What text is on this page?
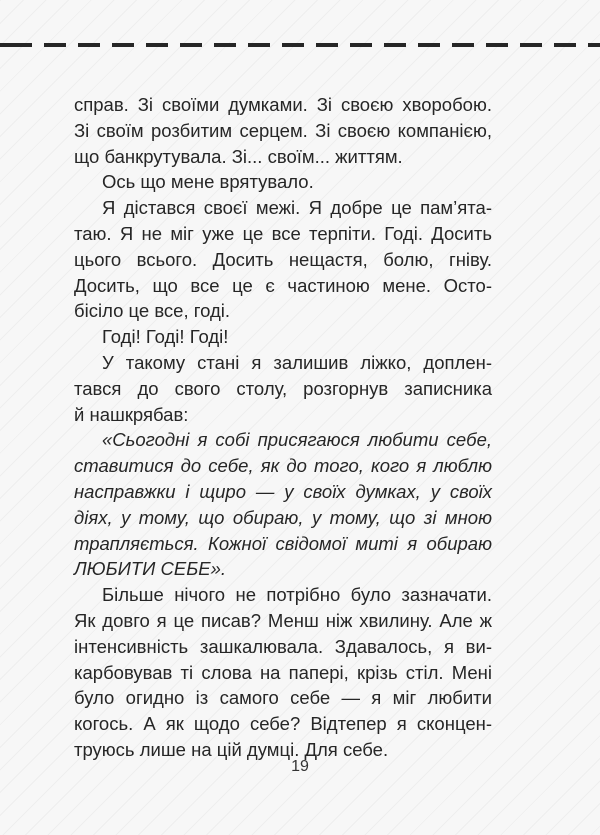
справ. Зі своїми думками. Зі своєю хворобою.
Зі своїм розбитим серцем. Зі своєю компанією,
що банкрутувала. Зі... своїм... життям.
Ось що мене врятувало.
Я дістався своєї межі. Я добре це пам’ята-
таю. Я не міг уже це все терпіти. Годі. Досить
цього всього. Досить нещастя, болю, гніву.
Досить, що все це є частиною мене. Осто-
бісіло це все, годі.
Годі! Годі! Годі!
У такому стані я залишив ліжко, доплен-
тався до свого столу, розгорнув записника
й нашкрябав:
«Сьогодні я собі присягаюся любити себе,
ставитися до себе, як до того, кого я люблю
насправжки і щиро — у своїх думках, у своїх
діях, у тому, що обираю, у тому, що зі мною
трапляється. Кожної свідомої миті я обираю
ЛЮБИТИ СЕБЕ».
Більше нічого не потрібно було зазначати.
Як довго я це писав? Менш ніж хвилину. Але ж
інтенсивність зашкалювала. Здавалось, я ви-
карбовував ті слова на папері, крізь стіл. Мені
було огидно із самого себе — я міг любити
когось. А як щодо себе? Відтепер я сконцен-
труюсь лише на цій думці. Для себе.
19
